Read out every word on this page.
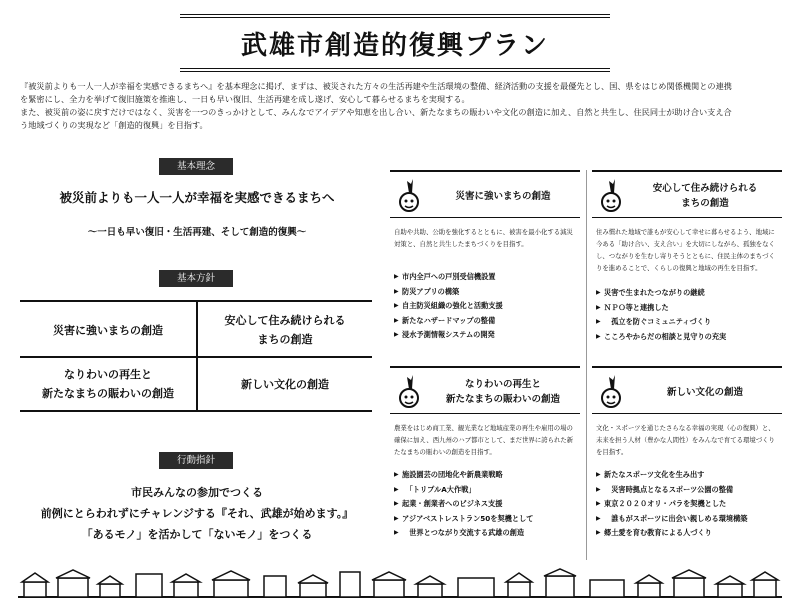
武雄市創造的復興プラン
『被災前よりも一人一人が幸福を実感できるまちへ』を基本理念に掲げ、まずは、被災された方々の生活再建や生活環境の整備、経済活動の支援を最優先とし、国、県をはじめ関係機関との連携
を緊密にし、全力を挙げて復旧施策を推進し、一日も早い復旧、生活再建を成し遂げ、安心して暮らせるまちを実現する。
また、被災前の姿に戻すだけではなく、災害を一つのきっかけとして、みんなでアイデアや知恵を出し合い、新たなまちの賑わいや文化の創造に加え、自然と共生し、住民同士が助け合い支え合
う地域づくりの実現など「創造的復興」を目指す。
基本理念
被災前よりも一人一人が幸福を実感できるまちへ
～一日も早い復旧・生活再建、そして創造的復興～
基本方針
災害に強いまちの創造
安心して住み続けられる
まちの創造
なりわいの再生と
新たなまちの賑わいの創造
新しい文化の創造
行動指針
市民みんなの参加でつくる
前例にとらわれずにチャレンジする『それ、武雄が始めます。』
「あるモノ」を活かして「ないモノ」をつくる
災害に強いまちの創造
自助や共助、公助を強化するとともに、被害を最小化する減災対策と、自然と共生したまちづくりを目指す。
▶ 市内全戸への戸別受信機設置
▶ 防災アプリの構築
▶ 自主防災組織の強化と活動支援
▶ 新たなハザードマップの整備
▶ 浸水予測情報システムの開発
安心して住み続けられる
まちの創造
住み慣れた地域で誰もが安心して幸せに暮らせるよう、地域に今ある「助け合い、支え合い」を大切にしながら、孤独をなくし、つながりを生むし寄りそうとともに、住民主体のまちづくりを進めることで、くらしの復興と地域の再生を目指す。
▶ 災害で生まれたつながりの継続
▶ ＮＰＯ等と連携した
▶ 　孤立を防ぐコミュニティづくり
▶ こころやからだの相談と見守りの充実
なりわいの再生と
新たなまちの賑わいの創造
農業をはじめ商工業、観光業など地域産業の再生や雇用の場の確保に加え、西九州のハブ都市として、まだ世界に誇られた新たなまちの賑わいの創造を目指す。
▶ 施設園芸の団地化や新農業戦略
▶ 　「トリプルA大作戦」
▶ 起業・創業者へのビジネス支援
▶ アジアベストレストラン50を契機として
▶ 　世界とつながり交流する武雄の創造
新しい文化の創造
文化・スポーツを通じたさらなる幸福の実現（心の復興）と、未来を担う人材（豊かな人間性）をみんなで育てる環境づくりを目指す。
▶ 新たなスポーツ文化を生み出す
▶ 　災害時拠点となるスポーツ公園の整備
▶ 東京２０２０オリ・パラを契機とした
▶ 　誰もがスポーツに出会い親しめる環境構築
▶ 郷土愛を育む教育による人づくり
